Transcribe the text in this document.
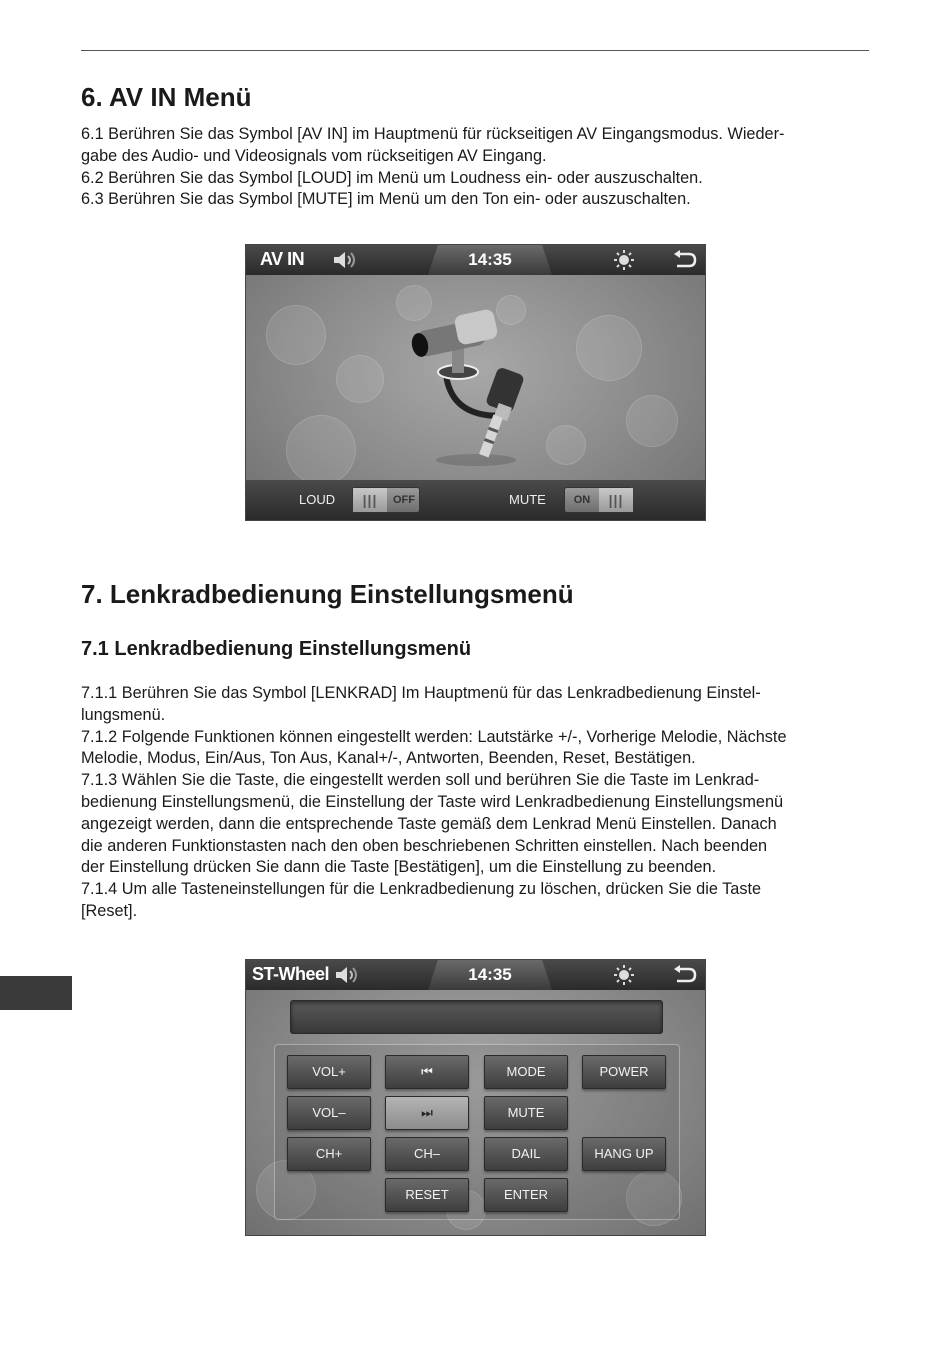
6. AV IN Menü

6.1 Berühren Sie das Symbol [AV IN] im Hauptmenü für rückseitigen AV Eingangsmodus. Wieder-

gabe des Audio- und Videosignals vom rückseitigen AV Eingang.

6.2 Berühren Sie das Symbol [LOUD] im Menü um Loudness ein- oder auszuschalten.

6.3 Berühren Sie das Symbol [MUTE] im Menü um den Ton ein- oder auszuschalten.

AV IN	14:35
LOUD	|||	OFF	MUTE	ON	|||
7. Lenkradbedienung Einstellungsmenü
7.1 Lenkradbedienung Einstellungsmenü

7.1.1 Berühren Sie das Symbol [LENKRAD] Im Hauptmenü für das Lenkradbedienung Einstel-

lungsmenü.

7.1.2 Folgende Funktionen können eingestellt werden: Lautstärke +/-, Vorherige Melodie, Nächste

Melodie, Modus, Ein/Aus, Ton Aus, Kanal+/-, Antworten, Beenden, Reset, Bestätigen.

7.1.3 Wählen Sie die Taste, die eingestellt werden soll und berühren Sie die Taste im Lenkrad-

bedienung Einstellungsmenü, die Einstellung der Taste wird Lenkradbedienung Einstellungsmenü

angezeigt werden, dann die entsprechende Taste gemäß dem Lenkrad Menü Einstellen. Danach

die anderen Funktionstasten nach den oben beschriebenen Schritten einstellen. Nach beenden

der Einstellung drücken Sie dann die Taste [Bestätigen], um die Einstellung zu beenden.

7.1.4 Um alle Tasteneinstellungen für die Lenkradbedienung zu löschen, drücken Sie die Taste

[Reset].

ST-Wheel	14:35
VOL+	⏮	MODE	POWER
VOL–	⏭	MUTE
CH+	CH–	DAIL	HANG UP
RESET	ENTER
